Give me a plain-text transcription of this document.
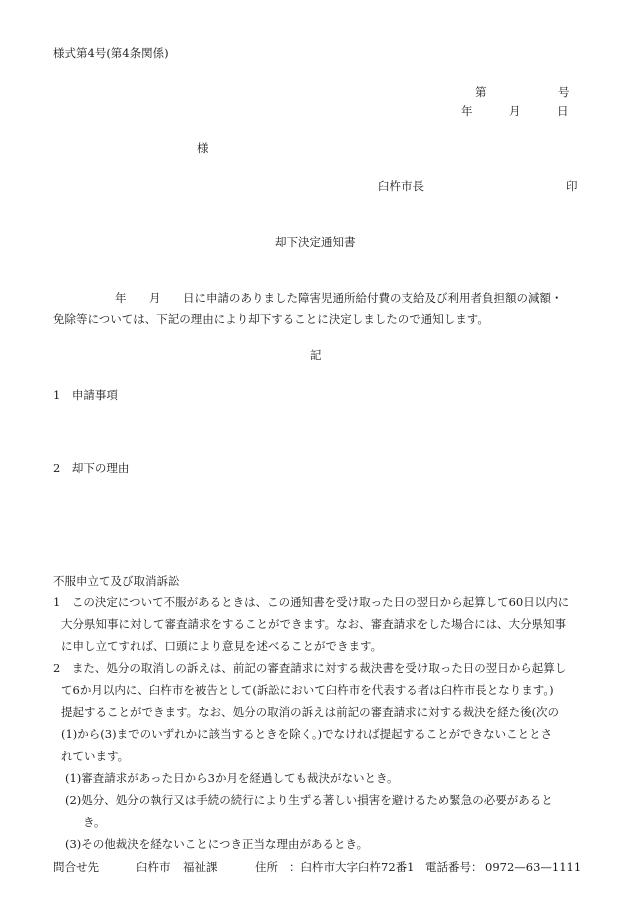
様式第4号(第4条関係)
第	号
年	月	日
様
臼杵市長	印
却下決定通知書
年 月 日に申請のありました障害児通所給付費の支給及び利用者負担額の減額・
免除等については、下記の理由により却下することに決定しましたので通知します。
記
1　申請事項
2　却下の理由
不服申立て及び取消訴訟
1　この決定について不服があるときは、この通知書を受け取った日の翌日から起算して60日以内に
大分県知事に対して審査請求をすることができます。なお、審査請求をした場合には、大分県知事
に申し立てすれば、口頭により意見を述べることができます。
2　また、処分の取消しの訴えは、前記の審査請求に対する裁決書を受け取った日の翌日から起算し
て6か月以内に、臼杵市を被告として(訴訟において臼杵市を代表する者は臼杵市長となります。)
提起することができます。なお、処分の取消の訴えは前記の審査請求に対する裁決を経た後(次の
(1)から(3)までのいずれかに該当するときを除く。)でなければ提起することができないこととさ
れています。
(1)審査請求があった日から3か月を経過しても裁決がないとき。
(2)処分、処分の執行又は手続の続行により生ずる著しい損害を避けるため緊急の必要があると
き。
(3)その他裁決を経ないことにつき正当な理由があるとき。
問合せ先	臼杵市 福祉課	住所 ：臼杵市大字臼杵72番1 電話番号： 0972—63—1111
